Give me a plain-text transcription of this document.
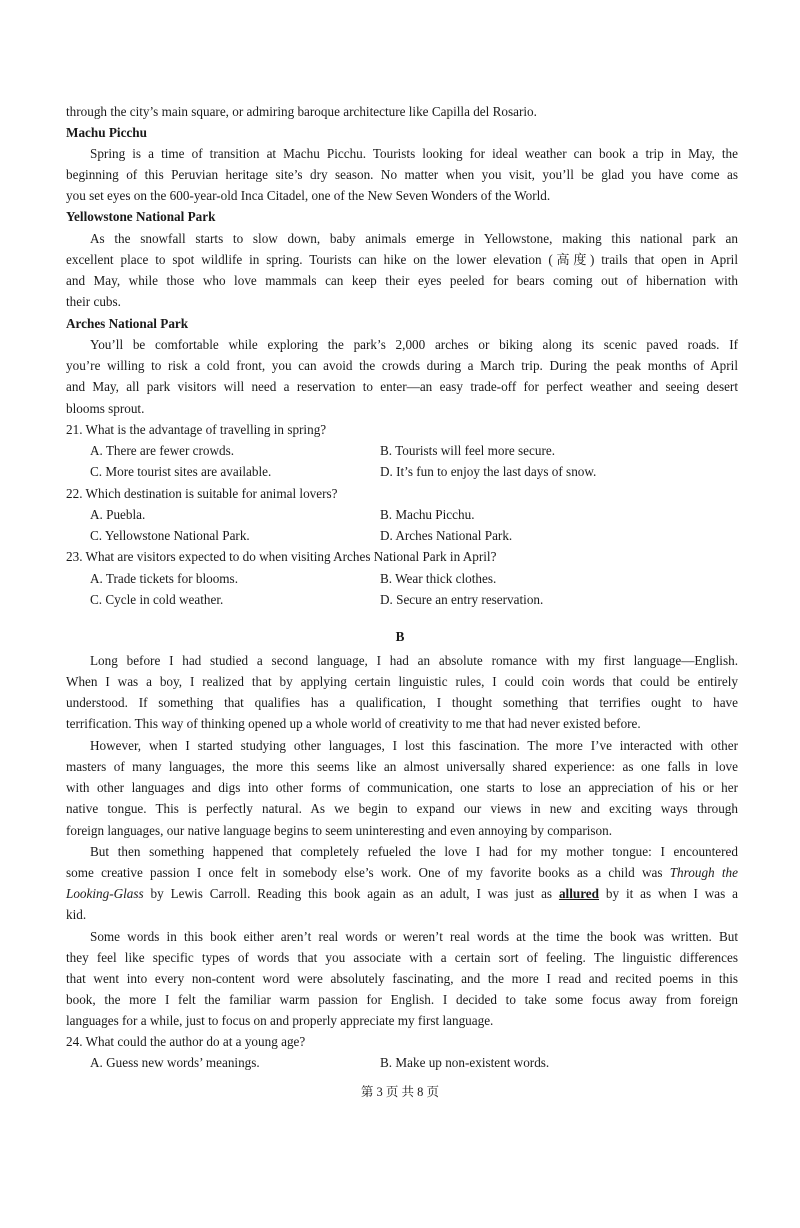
through the city’s main square, or admiring baroque architecture like Capilla del Rosario.

Machu Picchu

Spring is a time of transition at Machu Picchu. Tourists looking for ideal weather can book a trip in May, the

beginning of this Peruvian heritage site’s dry season. No matter when you visit, you’ll be glad you have come as

you set eyes on the 600-year-old Inca Citadel, one of the New Seven Wonders of the World.

Yellowstone National Park

As the snowfall starts to slow down, baby animals emerge in Yellowstone, making this national park an

excellent place to spot wildlife in spring. Tourists can hike on the lower elevation (高度) trails that open in April

and May, while those who love mammals can keep their eyes peeled for bears coming out of hibernation with

their cubs.

Arches National Park

You’ll be comfortable while exploring the park’s 2,000 arches or biking along its scenic paved roads. If

you’re willing to risk a cold front, you can avoid the crowds during a March trip. During the peak months of April

and May, all park visitors will need a reservation to enter—an easy trade-off for perfect weather and seeing desert

blooms sprout.

21. What is the advantage of travelling in spring?

A. There are fewer crowds.	B. Tourists will feel more secure.

C. More tourist sites are available.	D. It’s fun to enjoy the last days of snow.

22. Which destination is suitable for animal lovers?

A. Puebla.	B. Machu Picchu.

C. Yellowstone National Park.	D. Arches National Park.

23. What are visitors expected to do when visiting Arches National Park in April?

A. Trade tickets for blooms.	B. Wear thick clothes.

C. Cycle in cold weather.	D. Secure an entry reservation.

B

Long before I had studied a second language, I had an absolute romance with my first language—English.

When I was a boy, I realized that by applying certain linguistic rules, I could coin words that could be entirely

understood. If something that qualifies has a qualification, I thought something that terrifies ought to have

terrification. This way of thinking opened up a whole world of creativity to me that had never existed before.

However, when I started studying other languages, I lost this fascination. The more I’ve interacted with other

masters of many languages, the more this seems like an almost universally shared experience: as one falls in love

with other languages and digs into other forms of communication, one starts to lose an appreciation of his or her

native tongue. This is perfectly natural. As we begin to expand our views in new and exciting ways through

foreign languages, our native language begins to seem uninteresting and even annoying by comparison.

But then something happened that completely refueled the love I had for my mother tongue: I encountered

some creative passion I once felt in somebody else’s work. One of my favorite books as a child was Through the

Looking-Glass by Lewis Carroll. Reading this book again as an adult, I was just as allured by it as when I was a

kid.

Some words in this book either aren’t real words or weren’t real words at the time the book was written. But

they feel like specific types of words that you associate with a certain sort of feeling. The linguistic differences

that went into every non-content word were absolutely fascinating, and the more I read and recited poems in this

book, the more I felt the familiar warm passion for English. I decided to take some focus away from foreign

languages for a while, just to focus on and properly appreciate my first language.

24. What could the author do at a young age?

A. Guess new words’ meanings.	B. Make up non-existent words.

第 3 页 共 8 页
